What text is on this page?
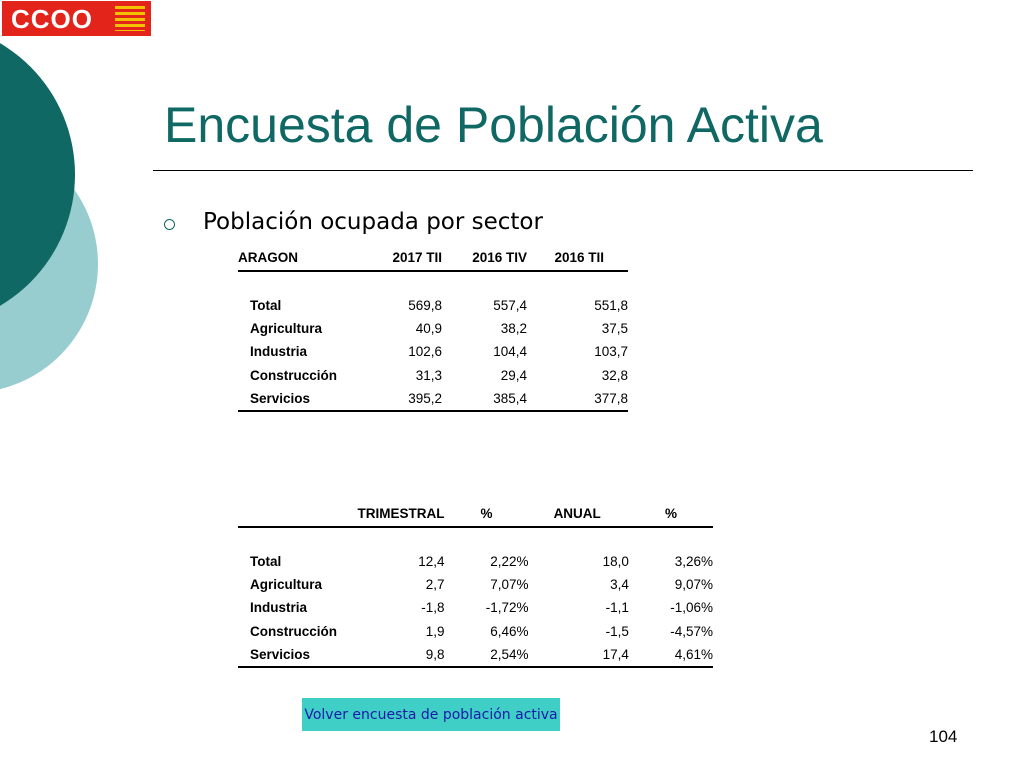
CCOO
Encuesta de Población Activa
Población ocupada por sector
ARAGON	2017 TII	2016 TIV	2016 TII

Total	569,8	557,4	551,8
Agricultura	40,9	38,2	37,5
Industria	102,6	104,4	103,7
Construcción	31,3	29,4	32,8
Servicios	395,2	385,4	377,8
	TRIMESTRAL	%	ANUAL	%

Total	12,4	2,22%	18,0	3,26%
Agricultura	2,7	7,07%	3,4	9,07%
Industria	-1,8	-1,72%	-1,1	-1,06%
Construcción	1,9	6,46%	-1,5	-4,57%
Servicios	9,8	2,54%	17,4	4,61%
Volver encuesta de población activa
104
